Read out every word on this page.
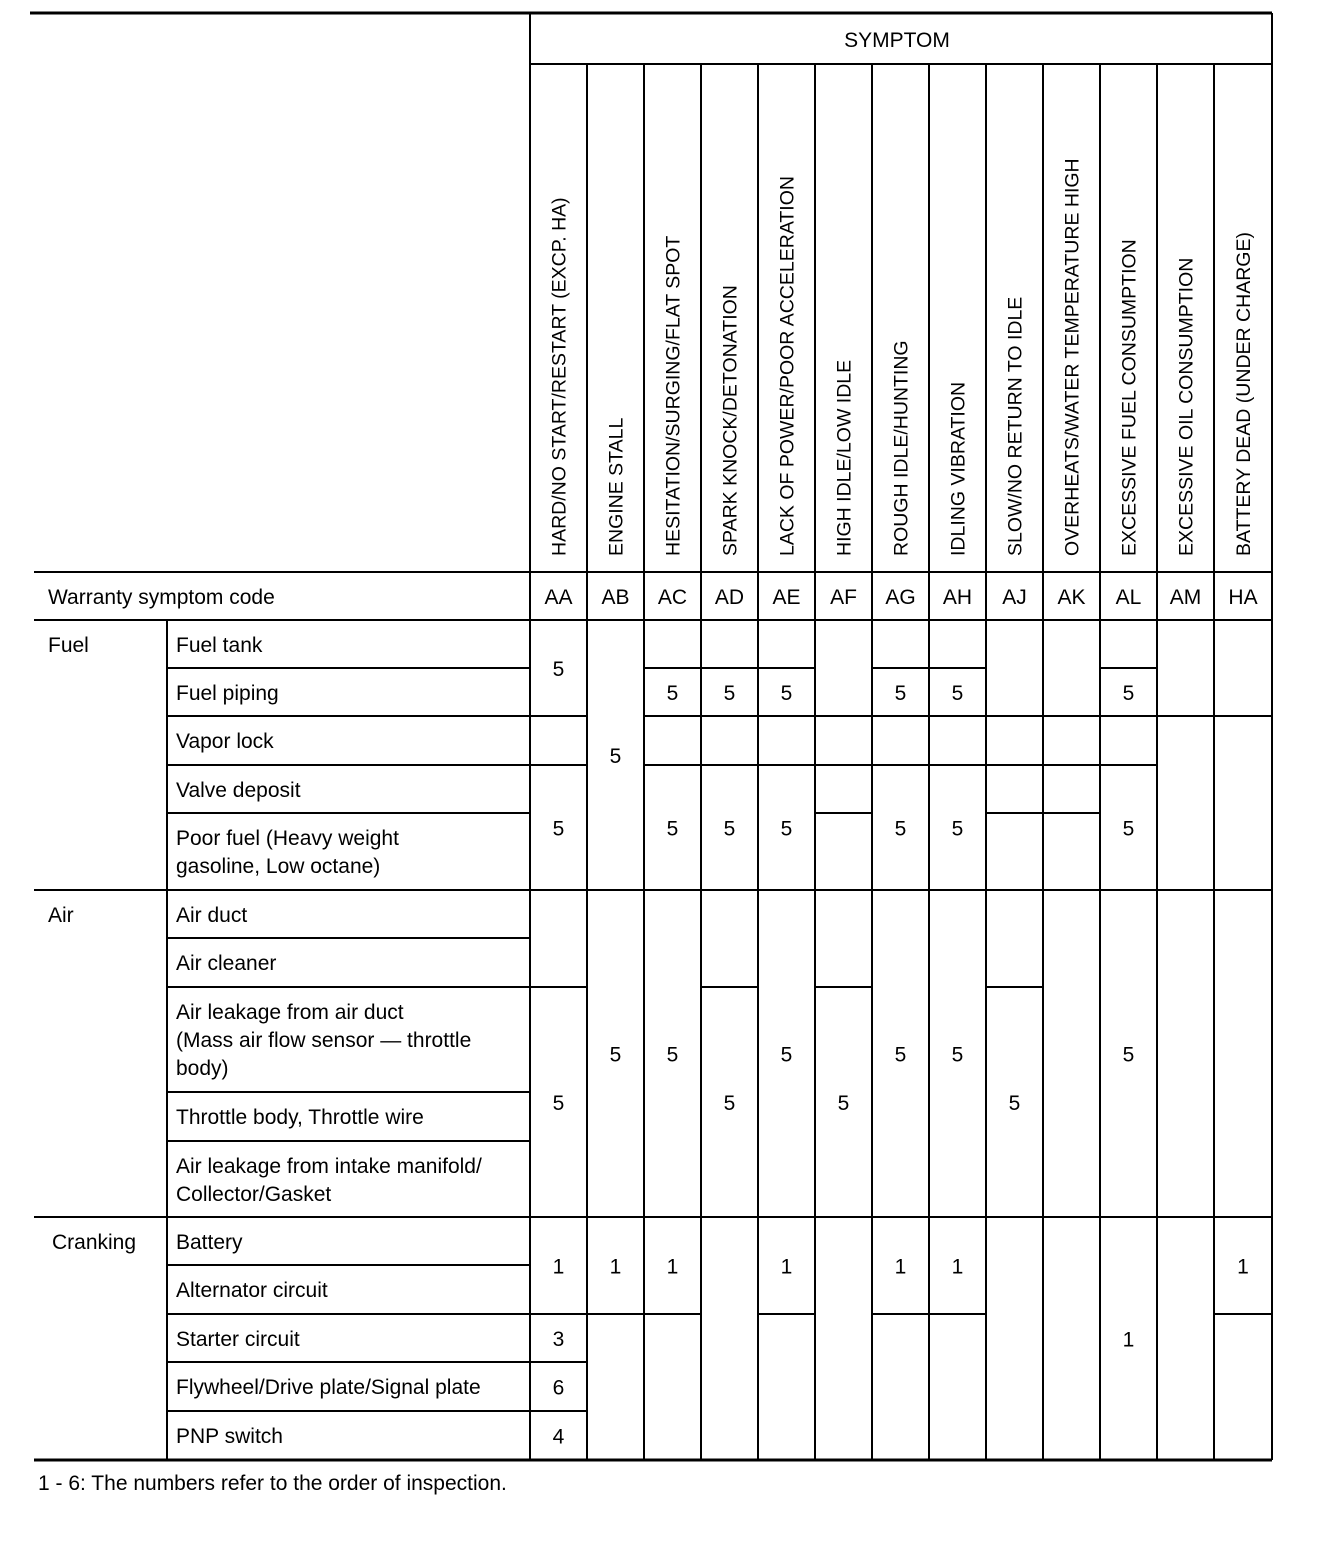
SYMPTOM
HARD/NO START/RESTART (EXCP. HA) ENGINE STALL HESITATION/SURGING/FLAT SPOT SPARK KNOCK/DETONATION LACK OF POWER/POOR ACCELERATION HIGH IDLE/LOW IDLE ROUGH IDLE/HUNTING IDLING VIBRATION SLOW/NO RETURN TO IDLE OVERHEATS/WATER TEMPERATURE HIGH EXCESSIVE FUEL CONSUMPTION EXCESSIVE OIL CONSUMPTION BATTERY DEAD (UNDER CHARGE)
Warranty symptom code	AA AB AC AD AE AF AG AH AJ AK AL AM HA
Fuel
Air
Cranking
Fuel tank
Fuel piping
Vapor lock
Valve deposit
Poor fuel (Heavy weight gasoline, Low octane)
Air duct
Air cleaner
Air leakage from air duct (Mass air flow sensor — throttle body)
Throttle body, Throttle wire
Air leakage from intake manifold/ Collector/Gasket
Battery
Alternator circuit
Starter circuit
Flywheel/Drive plate/Signal plate
PNP switch
5
5
5
1
3
6
4
5
5
1
5
5
5
1
5
5
5
5
5
5
1
5
5
5
5
1
5
5
5
1
5
5
5
5
1
1
1 - 6: The numbers refer to the order of inspection.
